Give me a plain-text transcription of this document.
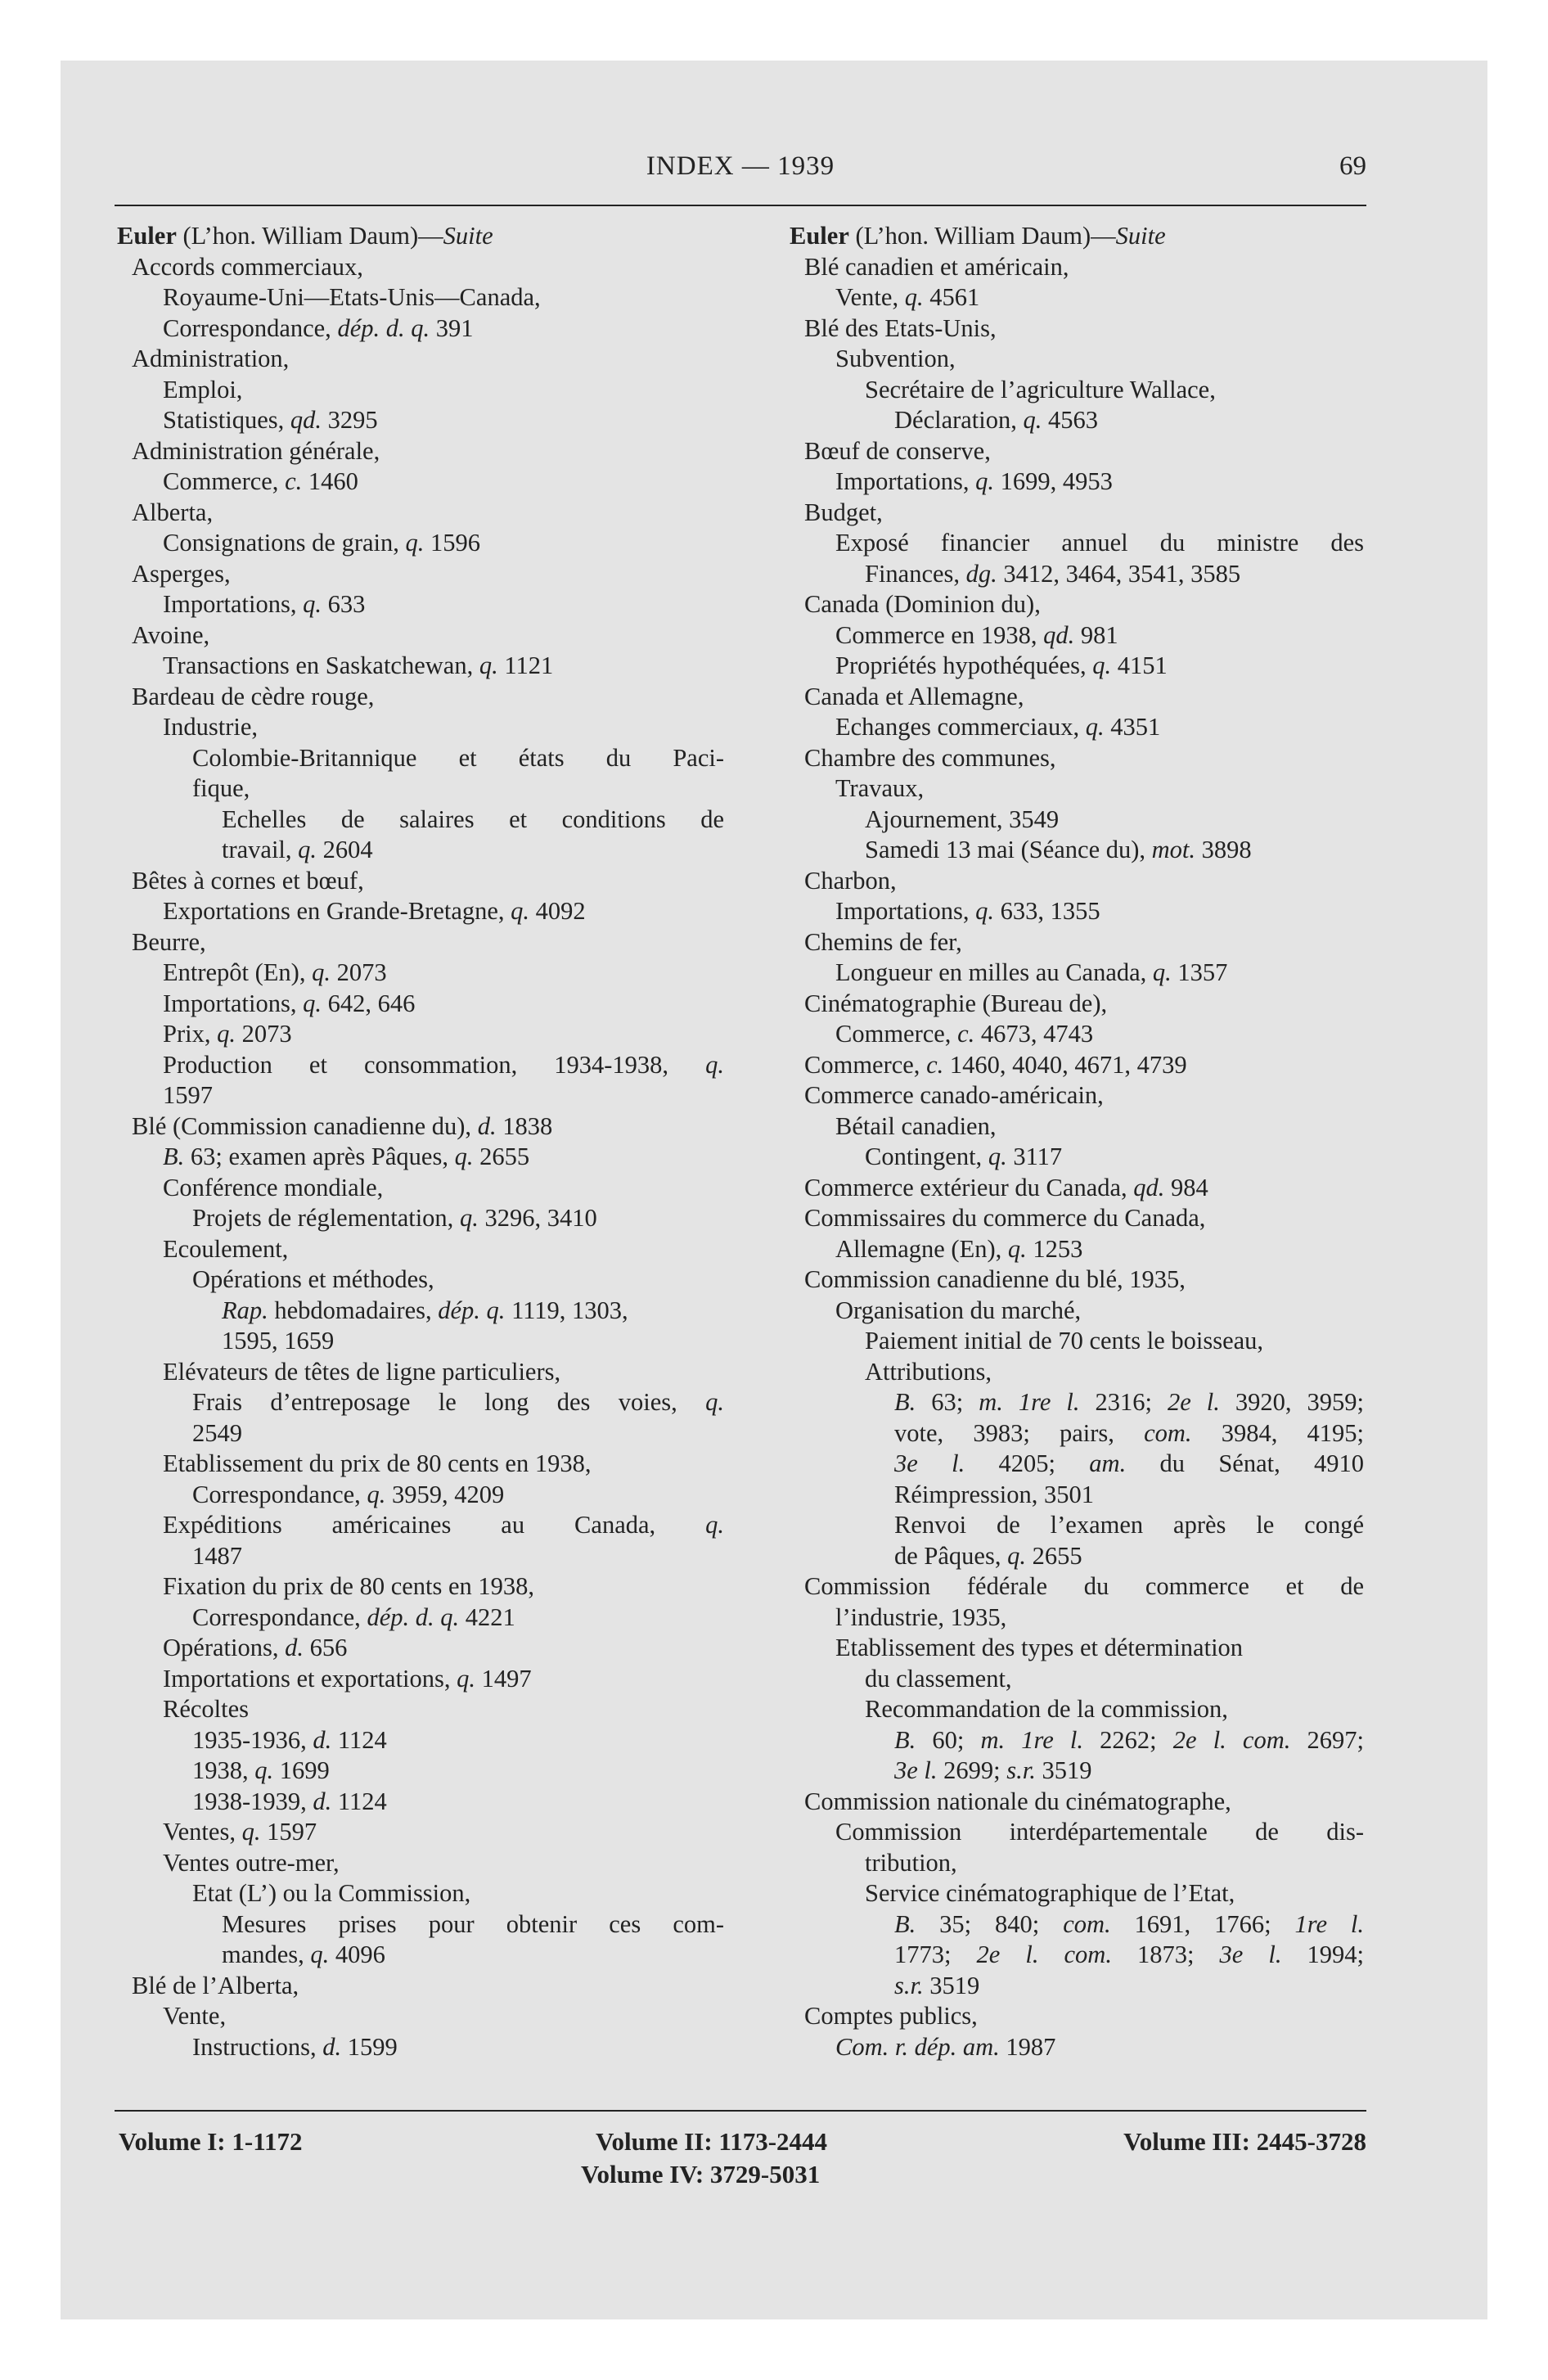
INDEX — 1939	69
Euler (L’hon. William Daum)—Suite
Accords commerciaux,
Royaume-Uni—Etats-Unis—Canada,
Correspondance, dép. d. q. 391
Administration,
Emploi,
Statistiques, qd. 3295
Administration générale,
Commerce, c. 1460
Alberta,
Consignations de grain, q. 1596
Asperges,
Importations, q. 633
Avoine,
Transactions en Saskatchewan, q. 1121
Bardeau de cèdre rouge,
Industrie,
Colombie-Britannique et états du Paci-
fique,
Echelles de salaires et conditions de
travail, q. 2604
Bêtes à cornes et bœuf,
Exportations en Grande-Bretagne, q. 4092
Beurre,
Entrepôt (En), q. 2073
Importations, q. 642, 646
Prix, q. 2073
Production et consommation, 1934-1938, q.
1597
Blé (Commission canadienne du), d. 1838
B. 63; examen après Pâques, q. 2655
Conférence mondiale,
Projets de réglementation, q. 3296, 3410
Ecoulement,
Opérations et méthodes,
Rap. hebdomadaires, dép. q. 1119, 1303,
1595, 1659
Elévateurs de têtes de ligne particuliers,
Frais d’entreposage le long des voies, q.
2549
Etablissement du prix de 80 cents en 1938,
Correspondance, q. 3959, 4209
Expéditions américaines au Canada, q.
1487
Fixation du prix de 80 cents en 1938,
Correspondance, dép. d. q. 4221
Opérations, d. 656
Importations et exportations, q. 1497
Récoltes
1935-1936, d. 1124
1938, q. 1699
1938-1939, d. 1124
Ventes, q. 1597
Ventes outre-mer,
Etat (L’) ou la Commission,
Mesures prises pour obtenir ces com-
mandes, q. 4096
Blé de l’Alberta,
Vente,
Instructions, d. 1599
Euler (L’hon. William Daum)—Suite
Blé canadien et américain,
Vente, q. 4561
Blé des Etats-Unis,
Subvention,
Secrétaire de l’agriculture Wallace,
Déclaration, q. 4563
Bœuf de conserve,
Importations, q. 1699, 4953
Budget,
Exposé financier annuel du ministre des
Finances, dg. 3412, 3464, 3541, 3585
Canada (Dominion du),
Commerce en 1938, qd. 981
Propriétés hypothéquées, q. 4151
Canada et Allemagne,
Echanges commerciaux, q. 4351
Chambre des communes,
Travaux,
Ajournement, 3549
Samedi 13 mai (Séance du), mot. 3898
Charbon,
Importations, q. 633, 1355
Chemins de fer,
Longueur en milles au Canada, q. 1357
Cinématographie (Bureau de),
Commerce, c. 4673, 4743
Commerce, c. 1460, 4040, 4671, 4739
Commerce canado-américain,
Bétail canadien,
Contingent, q. 3117
Commerce extérieur du Canada, qd. 984
Commissaires du commerce du Canada,
Allemagne (En), q. 1253
Commission canadienne du blé, 1935,
Organisation du marché,
Paiement initial de 70 cents le boisseau,
Attributions,
B. 63; m. 1re l. 2316; 2e l. 3920, 3959;
vote, 3983; pairs, com. 3984, 4195;
3e l. 4205; am. du Sénat, 4910
Réimpression, 3501
Renvoi de l’examen après le congé
de Pâques, q. 2655
Commission fédérale du commerce et de
l’industrie, 1935,
Etablissement des types et détermination
du classement,
Recommandation de la commission,
B. 60; m. 1re l. 2262; 2e l. com. 2697;
3e l. 2699; s.r. 3519
Commission nationale du cinématographe,
Commission interdépartementale de dis-
tribution,
Service cinématographique de l’Etat,
B. 35; 840; com. 1691, 1766; 1re l.
1773; 2e l. com. 1873; 3e l. 1994;
s.r. 3519
Comptes publics,
Com. r. dép. am. 1987
Volume I: 1-1172	Volume II: 1173-2444
Volume IV: 3729-5031
Volume III: 2445-3728
